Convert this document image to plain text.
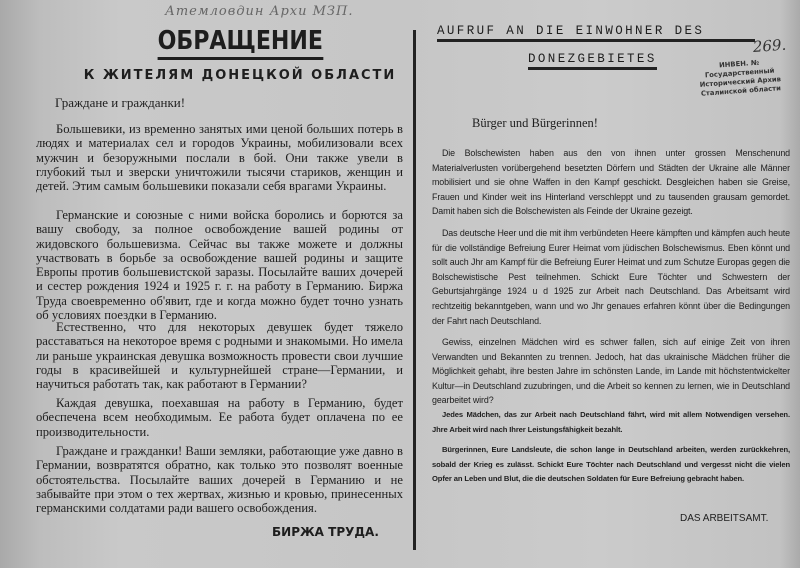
Атемловдин Архи МЗП.
ОБРАЩЕНИЕ
К ЖИТЕЛЯМ ДОНЕЦКОЙ ОБЛАСТИ
Граждане и гражданки!

Большевики, из временно занятых ими ценой больших потерь в людях и материалах сел и городов Украины, мобилизовали всех мужчин и безоружными послали в бой. Они также увели в глубокий тыл и зверски уничтожили тысячи стариков, женщин и детей. Этим самым большевики показали себя врагами Украины.

Германские и союзные с ними войска боролись и борются за вашу свободу, за полное освобождение вашей родины от жидовского большевизма. Сейчас вы также можете и должны участвовать в борьбе за освобождение вашей родины и защите Европы против большевистской заразы. Посылайте ваших дочерей и сестер рождения 1924 и 1925 г. г. на работу в Германию. Биржа Труда своевременно об'явит, где и когда можно будет точно узнать об условиях поездки в Германию.

Естественно, что для некоторых девушек будет тяжело расставаться на некоторое время с родными и знакомыми. Но имела ли раньше украинская девушка возможность провести свои лучшие годы в красивейшей и культурнейшей стране—Германии, и научиться работать так, как работают в Германии?

Каждая девушка, поехавшая на работу в Германию, будет обеспечена всем необходимым. Ее работа будет оплачена по ее производительности.

Граждане и гражданки! Ваши земляки, работающие уже давно в Германии, возвратятся обратно, как только это позволят военные обстоятельства. Посылайте ваших дочерей в Германию и не забывайте при этом о тех жертвах, жизнью и кровью, принесенных германскими солдатами ради вашего освобождения.

БИРЖА ТРУДА.
AUFRUF AN DIE EINWOHNER DES
DONEZGEBIETES
269.
ИНВЕН. №
Государственный Исторический Архив Сталинской области
Bürger und Bürgerinnen!

Die Bolschewisten haben aus den von ihnen unter grossen Menschenund Materialverlusten vorübergehend besetzten Dörfern und Städten der Ukraine alle Männer mobilisiert und sie ohne Waffen in den Kampf geschickt. Desgleichen haben sie Greise, Frauen und Kinder weit ins Hinterland verschleppt und zu tausenden grausam gemordet. Damit haben sich die Bolschewisten als Feinde der Ukraine gezeigt.

Das deutsche Heer und die mit ihm verbündeten Heere kämpften und kämpfen auch heute für die vollständige Befreiung Eurer Heimat vom jüdischen Bolschewismus. Eben könnt und sollt auch Jhr am Kampf für die Befreiung Eurer Heimat und zum Schutze Europas gegen die Bolschewistische Pest teilnehmen. Schickt Eure Töchter und Schwestern der Geburtsjahrgänge 1924 u d 1925 zur Arbeit nach Deutschland. Das Arbeitsamt wird rechtzeitig bekanntgeben, wann und wo Jhr genaues erfahren könnt über die Bedingungen der Fahrt nach Deutschland.

Gewiss, einzelnen Mädchen wird es schwer fallen, sich auf einige Zeit von ihren Verwandten und Bekannten zu trennen. Jedoch, hat das ukrainische Mädchen früher die Möglichkeit gehabt, ihre besten Jahre im schönsten Lande, im Lande mit höchstentwickelter Kultur—in Deutschland zuzubringen, und die Arbeit so kennen zu lernen, wie in Deutschland gearbeitet wird?

Jedes Mädchen, das zur Arbeit nach Deutschland fährt, wird mit allem Notwendigen versehen. Jhre Arbeit wird nach Ihrer Leistungsfähigkeit bezahlt.

Bürgerinnen, Eure Landsleute, die schon lange in Deutschland arbeiten, werden zurückkehren, sobald der Krieg es zulässt. Schickt Eure Töchter nach Deutschland und vergesst nicht die vielen Opfer an Leben und Blut, die die deutschen Soldaten für Eure Befreiung gebracht haben.

DAS ARBEITSAMT.
